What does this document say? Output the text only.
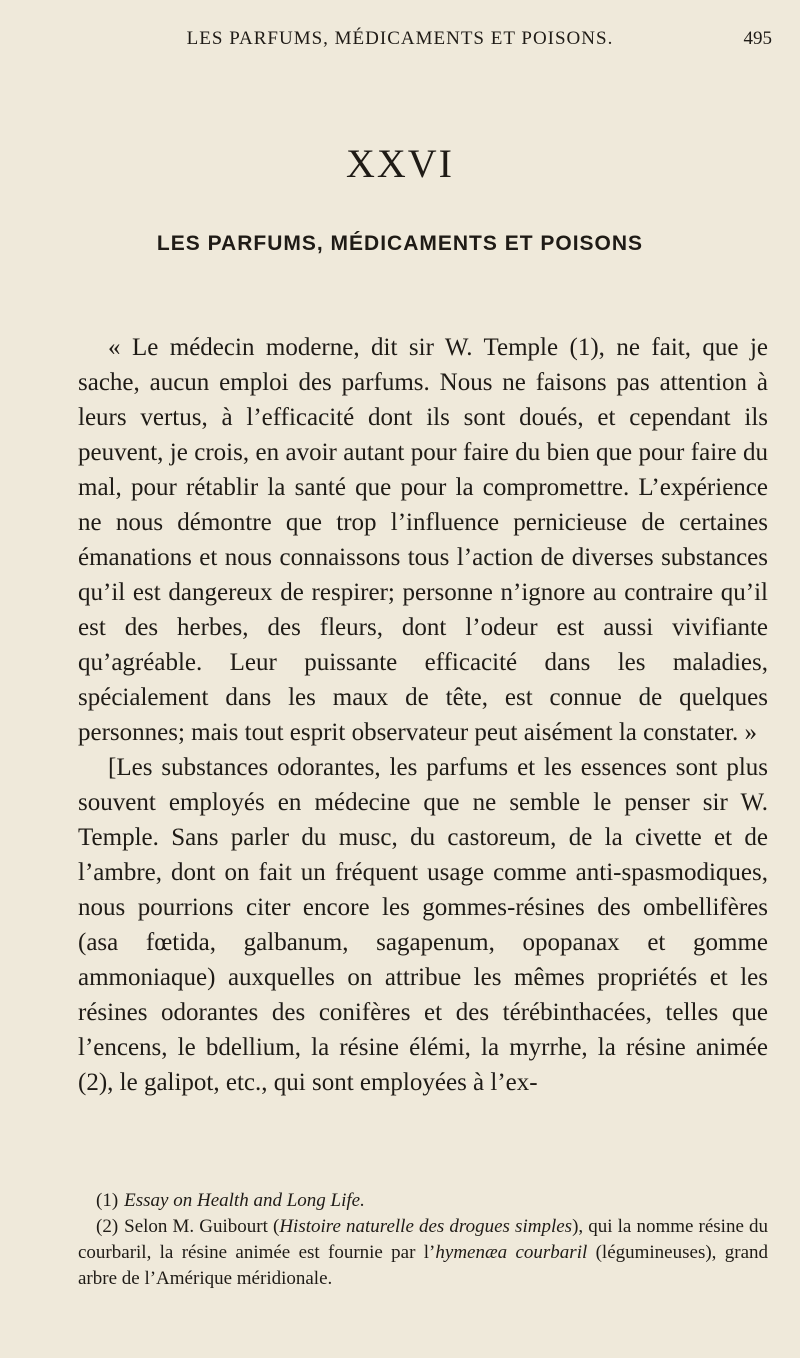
LES PARFUMS, MÉDICAMENTS ET POISONS.	495
XXVI
LES PARFUMS, MÉDICAMENTS ET POISONS

« Le médecin moderne, dit sir W. Temple (1), ne fait, que je sache, aucun emploi des parfums. Nous ne faisons pas attention à leurs vertus, à l’efficacité dont ils sont doués, et cependant ils peuvent, je crois, en avoir autant pour faire du bien que pour faire du mal, pour rétablir la santé que pour la compromettre. L’expérience ne nous démontre que trop l’influence pernicieuse de certaines émanations et nous connaissons tous l’action de diverses substances qu’il est dangereux de respirer; personne n’ignore au contraire qu’il est des herbes, des fleurs, dont l’odeur est aussi vivifiante qu’agréable. Leur puissante efficacité dans les maladies, spécialement dans les maux de tête, est connue de quelques personnes; mais tout esprit observateur peut aisément la constater. »

[Les substances odorantes, les parfums et les essences sont plus souvent employés en médecine que ne semble le penser sir W. Temple. Sans parler du musc, du castoreum, de la civette et de l’ambre, dont on fait un fréquent usage comme anti-spasmodiques, nous pourrions citer encore les gommes-résines des ombellifères (asa fœtida, galbanum, sagapenum, opopanax et gomme ammoniaque) auxquelles on attribue les mêmes propriétés et les résines odorantes des conifères et des térébinthacées, telles que l’encens, le bdellium, la résine élémi, la myrrhe, la résine animée (2), le galipot, etc., qui sont employées à l’ex-

(1) Essay on Health and Long Life.

(2) Selon M. Guibourt (Histoire naturelle des drogues simples), qui la nomme résine du courbaril, la résine animée est fournie par l’hymenæa courbaril (légumineuses), grand arbre de l’Amérique méridionale.
